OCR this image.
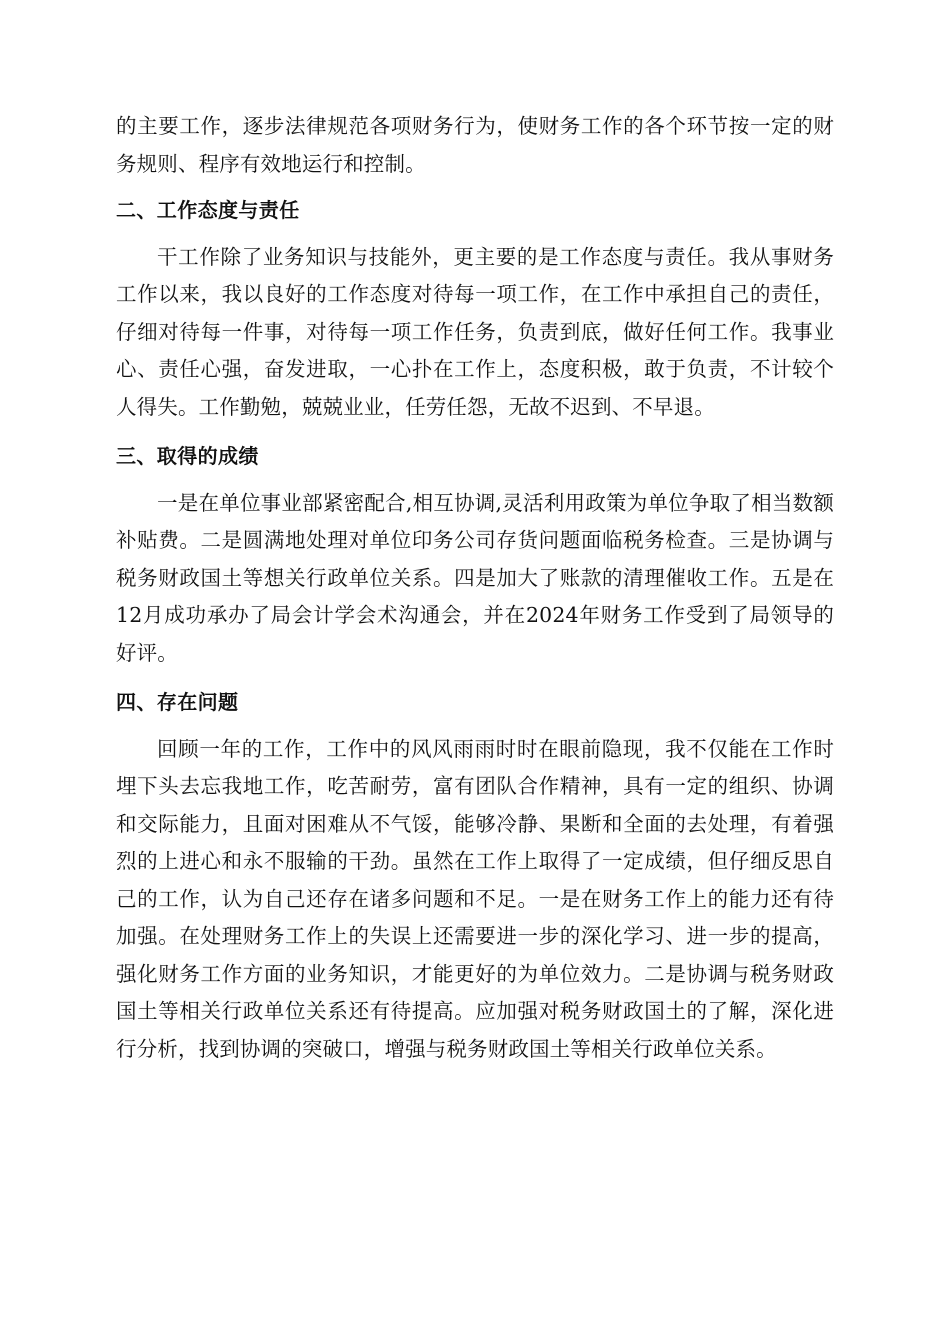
的主要工作，逐步法律规范各项财务行为，使财务工作的各个环节按一定的财务规则、程序有效地运行和控制。

二、工作态度与责任

干工作除了业务知识与技能外，更主要的是工作态度与责任。我从事财务工作以来，我以良好的工作态度对待每一项工作，在工作中承担自己的责任，仔细对待每一件事，对待每一项工作任务，负责到底，做好任何工作。我事业心、责任心强，奋发进取，一心扑在工作上，态度积极，敢于负责，不计较个人得失。工作勤勉，兢兢业业，任劳任怨，无故不迟到、不早退。

三、取得的成绩

一是在单位事业部紧密配合,相互协调,灵活利用政策为单位争取了相当数额补贴费。二是圆满地处理对单位印务公司存货问题面临税务检查。三是协调与税务财政国土等想关行政单位关系。四是加大了账款的清理催收工作。五是在12月成功承办了局会计学会术沟通会，并在2024年财务工作受到了局领导的好评。

四、存在问题

回顾一年的工作，工作中的风风雨雨时时在眼前隐现，我不仅能在工作时埋下头去忘我地工作，吃苦耐劳，富有团队合作精神，具有一定的组织、协调和交际能力，且面对困难从不气馁，能够冷静、果断和全面的去处理，有着强烈的上进心和永不服输的干劲。虽然在工作上取得了一定成绩，但仔细反思自己的工作，认为自己还存在诸多问题和不足。一是在财务工作上的能力还有待加强。在处理财务工作上的失误上还需要进一步的深化学习、进一步的提高，强化财务工作方面的业务知识，才能更好的为单位效力。二是协调与税务财政国土等相关行政单位关系还有待提高。应加强对税务财政国土的了解，深化进行分析，找到协调的突破口，增强与税务财政国土等相关行政单位关系。
